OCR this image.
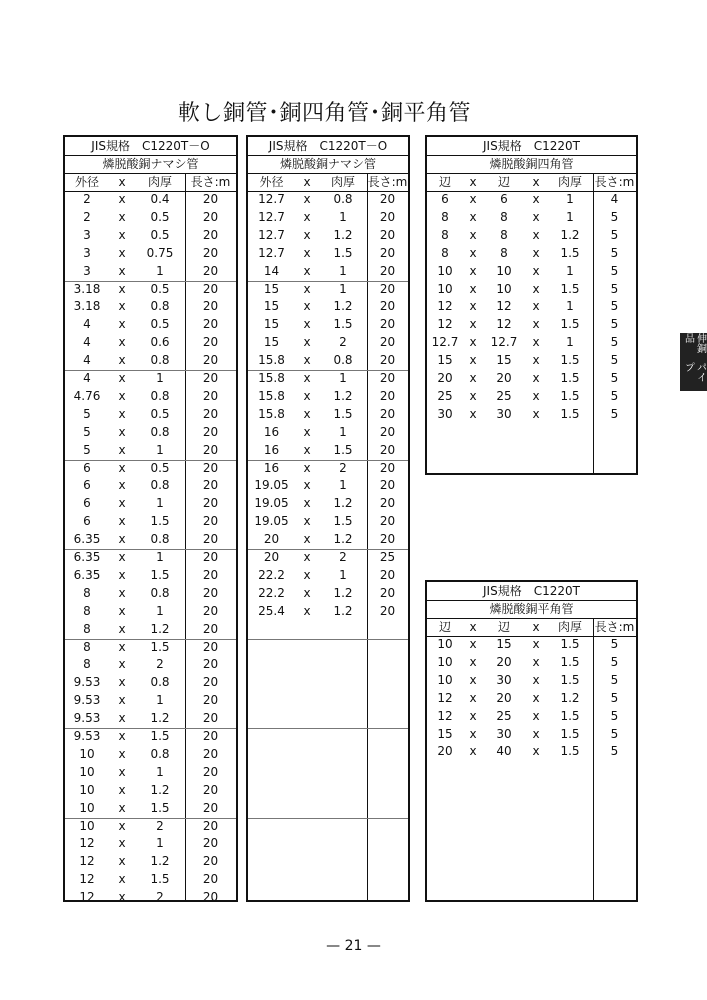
軟し銅管･銅四角管･銅平角管
JIS規格　C1220T－O
燐脱酸銅ナマシ管
外径	x	肉厚	長さ:m
2	x	0.4	20
2	x	0.5	20
3	x	0.5	20
3	x	0.75	20
3	x	1	20
3.18	x	0.5	20
3.18	x	0.8	20
4	x	0.5	20
4	x	0.6	20
4	x	0.8	20
4	x	1	20
4.76	x	0.8	20
5	x	0.5	20
5	x	0.8	20
5	x	1	20
6	x	0.5	20
6	x	0.8	20
6	x	1	20
6	x	1.5	20
6.35	x	0.8	20
6.35	x	1	20
6.35	x	1.5	20
8	x	0.8	20
8	x	1	20
8	x	1.2	20
8	x	1.5	20
8	x	2	20
9.53	x	0.8	20
9.53	x	1	20
9.53	x	1.2	20
9.53	x	1.5	20
10	x	0.8	20
10	x	1	20
10	x	1.2	20
10	x	1.5	20
10	x	2	20
12	x	1	20
12	x	1.2	20
12	x	1.5	20
12	x	2	20
JIS規格　C1220T－O
燐脱酸銅ナマシ管
外径	x	肉厚	長さ:m
12.7	x	0.8	20
12.7	x	1	20
12.7	x	1.2	20
12.7	x	1.5	20
14	x	1	20
15	x	1	20
15	x	1.2	20
15	x	1.5	20
15	x	2	20
15.8	x	0.8	20
15.8	x	1	20
15.8	x	1.2	20
15.8	x	1.5	20
16	x	1	20
16	x	1.5	20
16	x	2	20
19.05	x	1	20
19.05	x	1.2	20
19.05	x	1.5	20
20	x	1.2	20
20	x	2	25
22.2	x	1	20
22.2	x	1.2	20
25.4	x	1.2	20
JIS規格　C1220T
燐脱酸銅四角管
辺	x	辺	x	肉厚	長さ:m
6	x	6	x	1	4
8	x	8	x	1	5
8	x	8	x	1.2	5
8	x	8	x	1.5	5
10	x	10	x	1	5
10	x	10	x	1.5	5
12	x	12	x	1	5
12	x	12	x	1.5	5
12.7 x	12.7	x	1	5
15	x	15	x	1.5	5
20	x	20	x	1.5	5
25	x	25	x	1.5	5
30	x	30	x	1.5	5
JIS規格　C1220T
燐脱酸銅平角管
辺	x	辺	x	肉厚	長さ:m
10	x	15	x	1.5	5
10	x	20	x	1.5	5
10	x	30	x	1.5	5
12	x	20	x	1.2	5
12	x	25	x	1.5	5
15	x	30	x	1.5	5
20	x	40	x	1.5	5
伸銅品
パイプ
— 21 —
